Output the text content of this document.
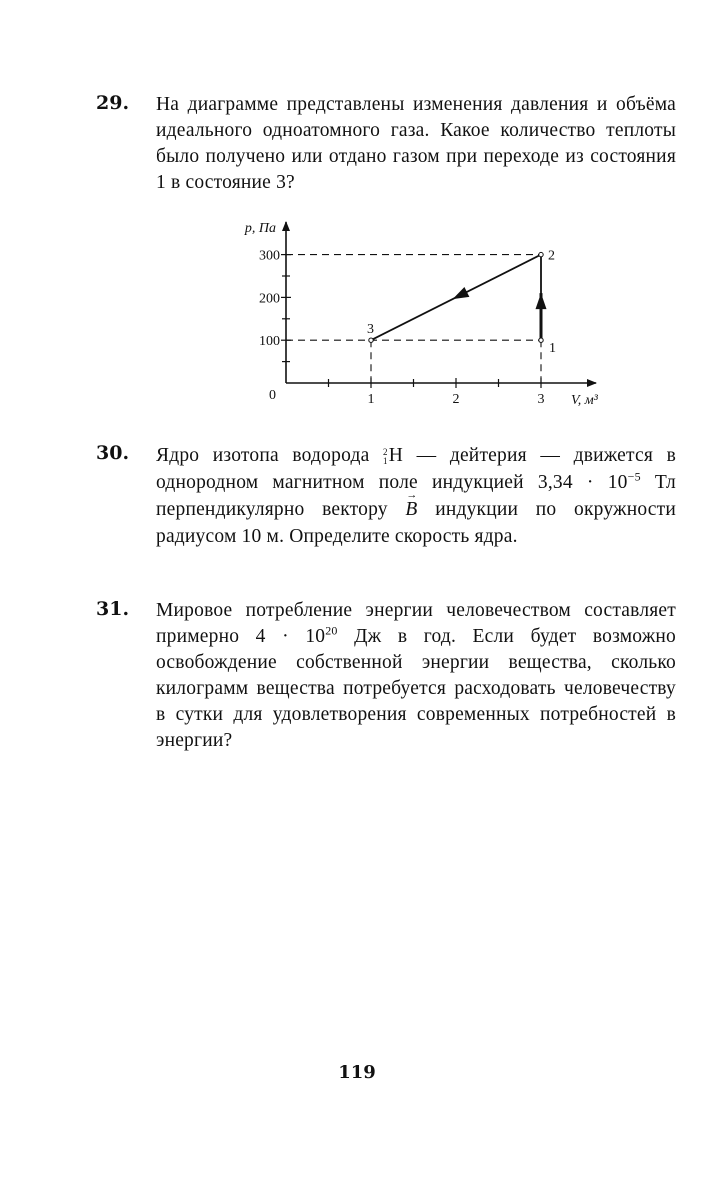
29.	На диаграмме представлены изменения давления и объёма идеального одноатомного газа. Какое количество теплоты было получено или отдано газом при переходе из состояния 1 в состояние 3?
100
200
300
1	2	3
0	V, м³
p, Па
1
2
3
30.	Ядро изотопа водорода 2
1 H — дейтерия — движется в однородном магнитном поле индукцией $3,34 \cdot 10^{-5}$ Тл перпендикулярно вектору → B индукции по окружности радиусом 10 м. Определите скорость ядра.
31.	Мировое потребление энергии человечеством составляет примерно $4 \cdot 10^{20}$ Дж в год. Если будет возможно освобождение собственной энергии вещества, сколько килограмм вещества потребуется расходовать человечеству в сутки для удовлетворения современных потребностей в энергии?
119
